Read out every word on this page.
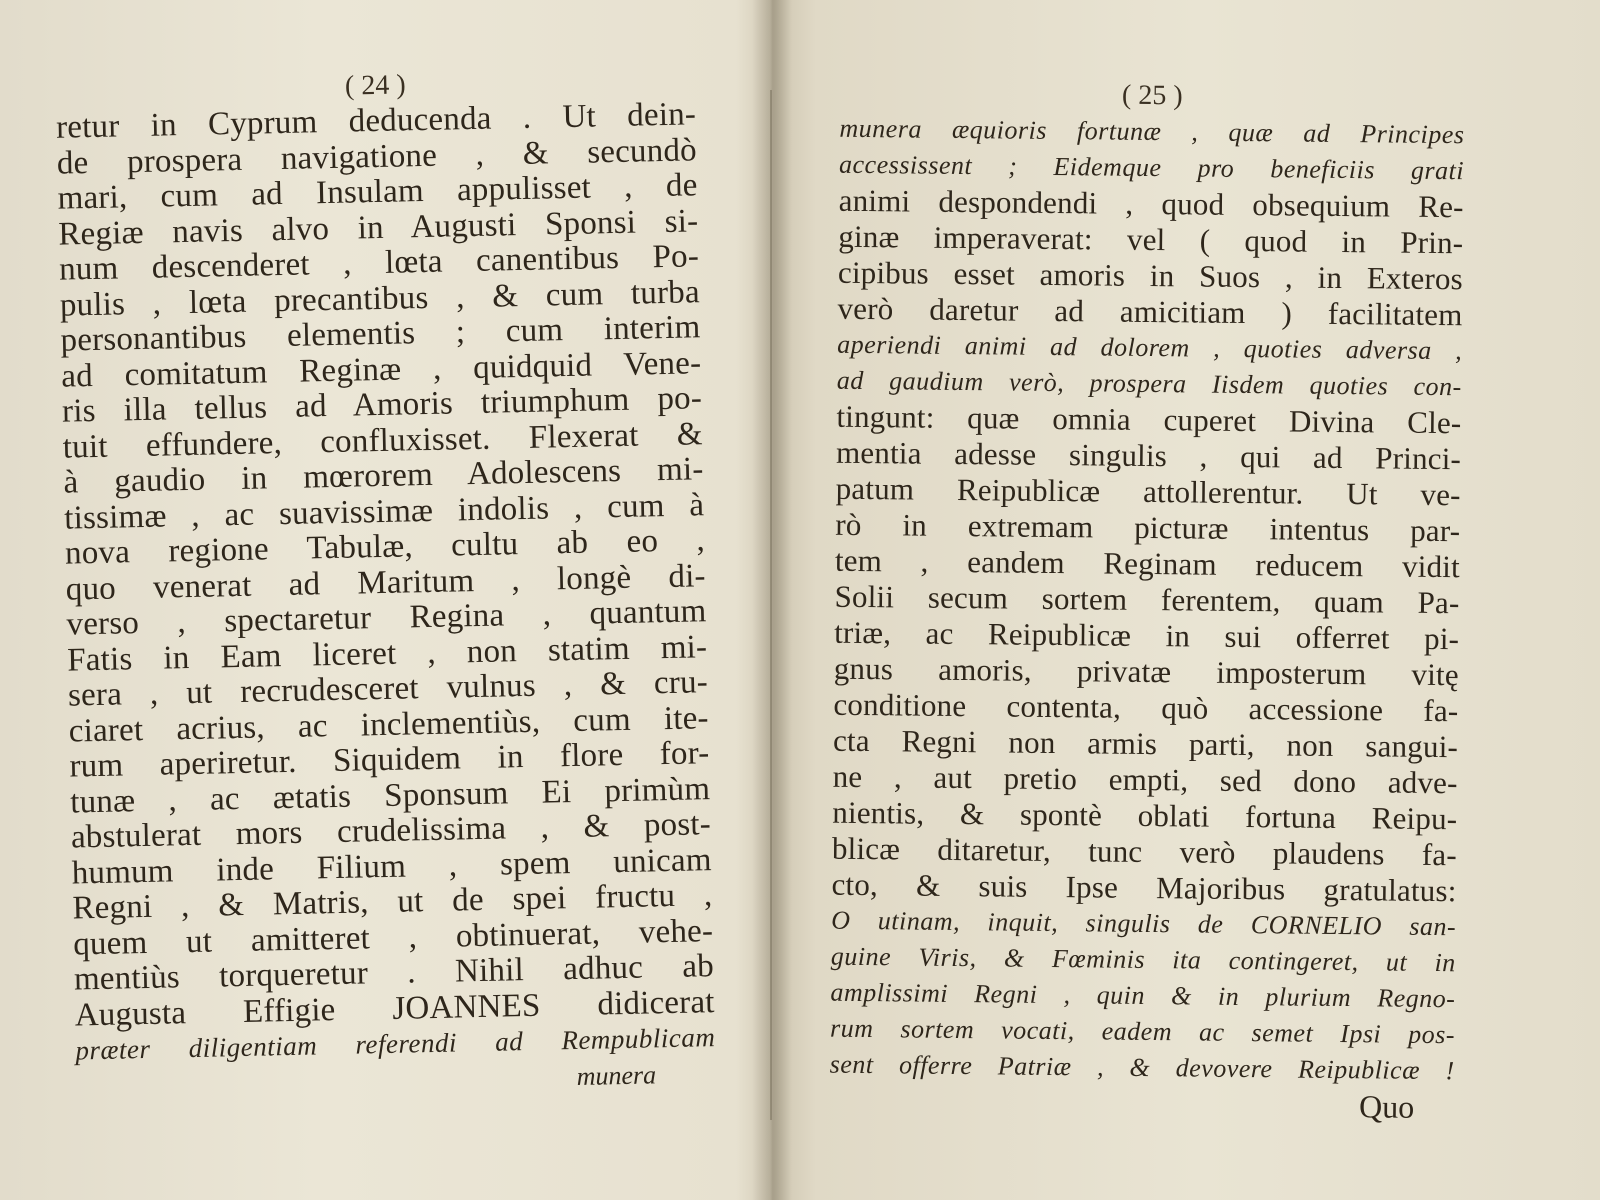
( 24 )
retur in Cyprum deducenda . Ut dein-
de prospera navigatione , & secundò
mari, cum ad Insulam appulisset , de
Regiæ navis alvo in Augusti Sponsi si-
num descenderet , lœta canentibus Po-
pulis , lœta precantibus , & cum turba
personantibus elementis ; cum interim
ad comitatum Reginæ , quidquid Vene-
ris illa tellus ad Amoris triumphum po-
tuit effundere, confluxisset. Flexerat &
à gaudio in mœrorem Adolescens mi-
tissimæ , ac suavissimæ indolis , cum à
nova regione Tabulæ, cultu ab eo ,
quo venerat ad Maritum , longè di-
verso , spectaretur Regina , quantum
Fatis in Eam liceret , non statim mi-
sera , ut recrudesceret vulnus , & cru-
ciaret acrius, ac inclementiùs, cum ite-
rum aperiretur. Siquidem in flore for-
tunæ , ac ætatis Sponsum Ei primùm
abstulerat mors crudelissima , & post-
humum inde Filium , spem unicam
Regni , & Matris, ut de spei fructu ,
quem ut amitteret , obtinuerat, vehe-
mentiùs torqueretur . Nihil adhuc ab
Augusta Effigie JOANNES didicerat
præter diligentiam referendi ad Rempublicam
munera
( 25 )
munera æquioris fortunæ , quæ ad Principes
accessissent ; Eidemque pro beneficiis grati
animi despondendi , quod obsequium Re-
ginæ imperaverat: vel ( quod in Prin-
cipibus esset amoris in Suos , in Exteros
verò daretur ad amicitiam ) facilitatem
aperiendi animi ad dolorem , quoties adversa ,
ad gaudium verò, prospera Iisdem quoties con-
tingunt: quæ omnia cuperet Divina Cle-
mentia adesse singulis , qui ad Princi-
patum Reipublicæ attollerentur. Ut ve-
rò in extremam picturæ intentus par-
tem , eandem Reginam reducem vidit
Solii secum sortem ferentem, quam Pa-
triæ, ac Reipublicæ in sui offerret pi-
gnus amoris, privatæ imposterum vitę
conditione contenta, quò accessione fa-
cta Regni non armis parti, non sangui-
ne , aut pretio empti, sed dono adve-
nientis, & spontè oblati fortuna Reipu-
blicæ ditaretur, tunc verò plaudens fa-
cto, & suis Ipse Majoribus gratulatus:
O utinam, inquit, singulis de CORNELIO san-
guine Viris, & Fœminis ita contingeret, ut in
amplissimi Regni , quin & in plurium Regno-
rum sortem vocati, eadem ac semet Ipsi pos-
sent offerre Patriæ , & devovere Reipublicæ !
Quo
